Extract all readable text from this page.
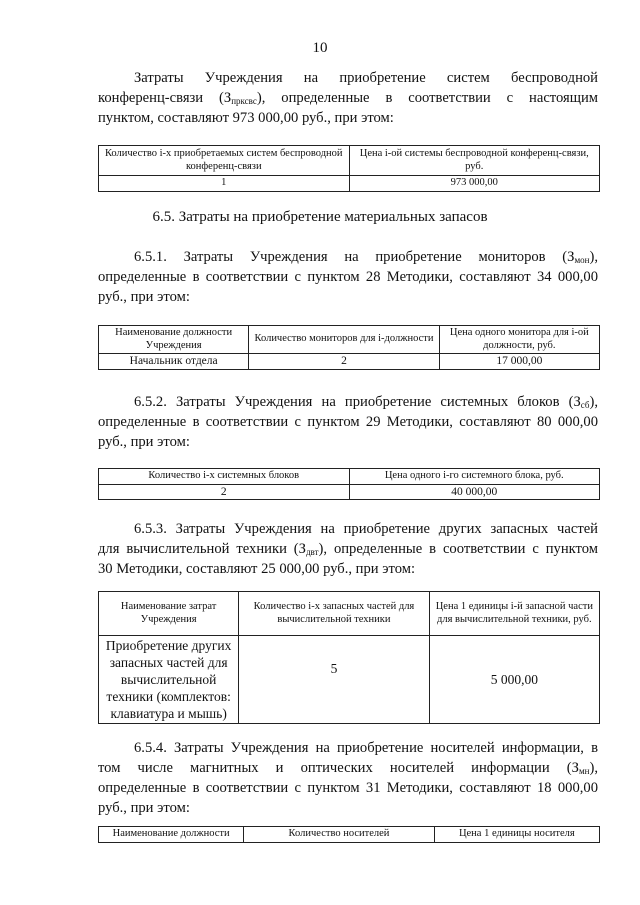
10
Затраты Учреждения на приобретение систем беспроводной
конференц-связи $(З_{прксвс})$, определенные в соответствии с настоящим
пунктом, составляют 973 000,00 руб., при этом:
Количество i-х приобретаемых систем беспроводной конференц-связи	Цена i-ой системы беспроводной конференц-связи, руб.
1	973 000,00
6.5. Затраты на приобретение материальных запасов
6.5.1. Затраты Учреждения на приобретение мониторов $(З_{мон})$,
определенные в соответствии с пунктом 28 Методики, составляют 34 000,00
руб., при этом:
Наименование должности Учреждения	Количество мониторов для i-должности	Цена одного монитора для i-ой должности, руб.
Начальник отдела	2	17 000,00
6.5.2. Затраты Учреждения на приобретение системных блоков $(З_{сб})$,
определенные в соответствии с пунктом 29 Методики, составляют 80 000,00
руб., при этом:
Количество i-х системных блоков	Цена одного i-го системного блока, руб.
2	40 000,00
6.5.3. Затраты Учреждения на приобретение других запасных частей
для вычислительной техники $(З_{двт})$, определенные в соответствии с пунктом
30 Методики, составляют 25 000,00 руб., при этом:
Наименование затрат Учреждения	Количество i-х запасных частей для вычислительной техники	Цена 1 единицы i-й запасной части для вычислительной техники, руб.
Приобретение других запасных частей для вычислительной техники (комплектов: клавиатура и мышь)	5	5 000,00
6.5.4. Затраты Учреждения на приобретение носителей информации, в
том числе магнитных и оптических носителей информации $(З_{мн})$,
определенные в соответствии с пунктом 31 Методики, составляют 18 000,00
руб., при этом:
Наименование должности	Количество носителей	Цена 1 единицы носителя
